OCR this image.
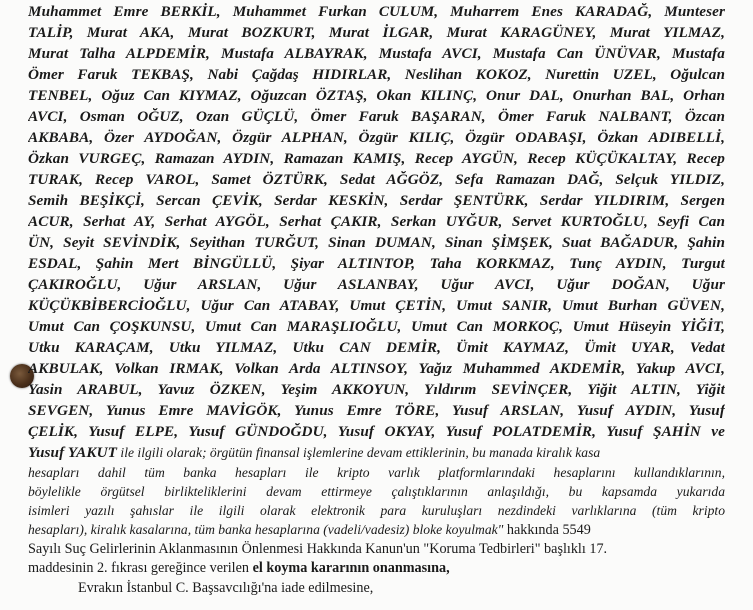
Muhammet Emre BERKİL, Muhammet Furkan CULUM, Muharrem Enes KARADAĞ, Munteser
TALİP, Murat AKA, Murat BOZKURT, Murat İLGAR, Murat KARAGÜNEY, Murat YILMAZ,
Murat Talha ALPDEMİR, Mustafa ALBAYRAK, Mustafa AVCI, Mustafa Can ÜNÜVAR, Mustafa
Ömer Faruk TEKBAŞ, Nabi Çağdaş HIDIRLAR, Neslihan KOKOZ, Nurettin UZEL, Oğulcan
TENBEL, Oğuz Can KIYMAZ, Oğuzcan ÖZTAŞ, Okan KILINÇ, Onur DAL, Onurhan BAL, Orhan
AVCI, Osman OĞUZ, Ozan GÜÇLÜ, Ömer Faruk BAŞARAN, Ömer Faruk NALBANT, Özcan
AKBABA, Özer AYDOĞAN, Özgür ALPHAN, Özgür KILIÇ, Özgür ODABAŞI, Özkan ADIBELLİ,
Özkan VURGEÇ, Ramazan AYDIN, Ramazan KAMIŞ, Recep AYGÜN, Recep KÜÇÜKALTAY, Recep
TURAK, Recep VAROL, Samet ÖZTÜRK, Sedat AĞGÖZ, Sefa Ramazan DAĞ, Selçuk YILDIZ,
Semih BEŞİKÇİ, Sercan ÇEVİK, Serdar KESKİN, Serdar ŞENTÜRK, Serdar YILDIRIM, Sergen
ACUR, Serhat AY, Serhat AYGÖL, Serhat ÇAKIR, Serkan UYĞUR, Servet KURTOĞLU, Seyfi Can
ÜN, Seyit SEVİNDİK, Seyithan TURĞUT, Sinan DUMAN, Sinan ŞİMŞEK, Suat BAĞADUR, Şahin
ESDAL, Şahin Mert BİNGÜLLÜ, Şiyar ALTINTOP, Taha KORKMAZ, Tunç AYDIN, Turgut
ÇAKIROĞLU, Uğur ARSLAN, Uğur ASLANBAY, Uğur AVCI, Uğur DOĞAN, Uğur
KÜÇÜKBİBERCİOĞLU, Uğur Can ATABAY, Umut ÇETİN, Umut SANIR, Umut Burhan GÜVEN,
Umut Can ÇOŞKUNSU, Umut Can MARAŞLIOĞLU, Umut Can MORKOÇ, Umut Hüseyin YİĞİT,
Utku KARAÇAM, Utku YILMAZ, Utku CAN DEMİR, Ümit KAYMAZ, Ümit UYAR, Vedat
AKBULAK, Volkan IRMAK, Volkan Arda ALTINSOY, Yağız Muhammed AKDEMİR, Yakup AVCI,
Yasin ARABUL, Yavuz ÖZKEN, Yeşim AKKOYUN, Yıldırım SEVİNÇER, Yiğit ALTIN, Yiğit
SEVGEN, Yunus Emre MAVİGÖK, Yunus Emre TÖRE, Yusuf ARSLAN, Yusuf AYDIN, Yusuf
ÇELİK, Yusuf ELPE, Yusuf GÜNDOĞDU, Yusuf OKYAY, Yusuf POLATDEMİR, Yusuf ŞAHİN ve
Yusuf YAKUT ile ilgili olarak; örgütün finansal işlemlerine devam ettiklerinin, bu manada kiralık kasa
hesapları dahil tüm banka hesapları ile kripto varlık platformlarındaki hesaplarını kullandıklarının,
böylelikle örgütsel birlikteliklerini devam ettirmeye çalıştıklarının anlaşıldığı, bu kapsamda yukarıda
isimleri yazılı şahıslar ile ilgili olarak elektronik para kuruluşları nezdindeki varlıklarına (tüm kripto
hesapları), kiralık kasalarına, tüm banka hesaplarına (vadeli/vadesiz) bloke koyulmak" hakkında 5549
Sayılı Suç Gelirlerinin Aklanmasının Önlenmesi Hakkında Kanun'un "Koruma Tedbirleri" başlıklı 17.
maddesinin 2. fıkrası gereğince verilen el koyma kararının onanmasına,
Evrakın İstanbul C. Başsavcılığı'na iade edilmesine,
